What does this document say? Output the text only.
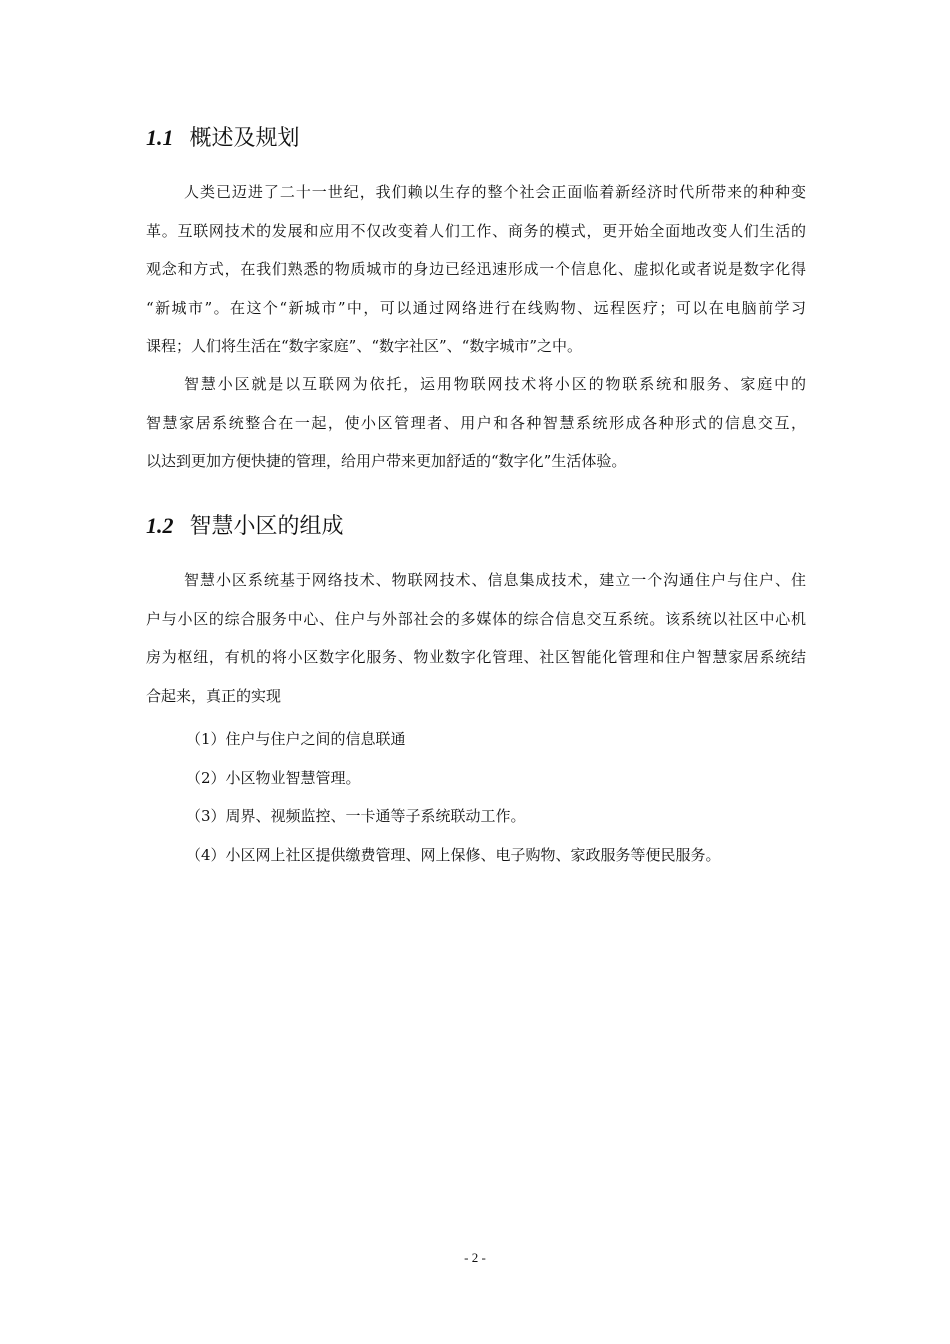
1.1 概述及规划

人类已迈进了二十一世纪，我们赖以生存的整个社会正面临着新经济时代所带来的种种变
革。互联网技术的发展和应用不仅改变着人们工作、商务的模式，更开始全面地改变人们生活的
观念和方式，在我们熟悉的物质城市的身边已经迅速形成一个信息化、虚拟化或者说是数字化得
“新城市”。在这个“新城市”中，可以通过网络进行在线购物、远程医疗；可以在电脑前学习
课程；人们将生活在“数字家庭”、“数字社区”、“数字城市”之中。

智慧小区就是以互联网为依托，运用物联网技术将小区的物联系统和服务、家庭中的
智慧家居系统整合在一起，使小区管理者、用户和各种智慧系统形成各种形式的信息交互，
以达到更加方便快捷的管理，给用户带来更加舒适的“数字化”生活体验。

1.2 智慧小区的组成

智慧小区系统基于网络技术、物联网技术、信息集成技术，建立一个沟通住户与住户、住
户与小区的综合服务中心、住户与外部社会的多媒体的综合信息交互系统。该系统以社区中心机
房为枢纽，有机的将小区数字化服务、物业数字化管理、社区智能化管理和住户智慧家居系统结
合起来，真正的实现

（1）住户与住户之间的信息联通
（2）小区物业智慧管理。
（3）周界、视频监控、一卡通等子系统联动工作。
（4）小区网上社区提供缴费管理、网上保修、电子购物、家政服务等便民服务。
- 2 -
